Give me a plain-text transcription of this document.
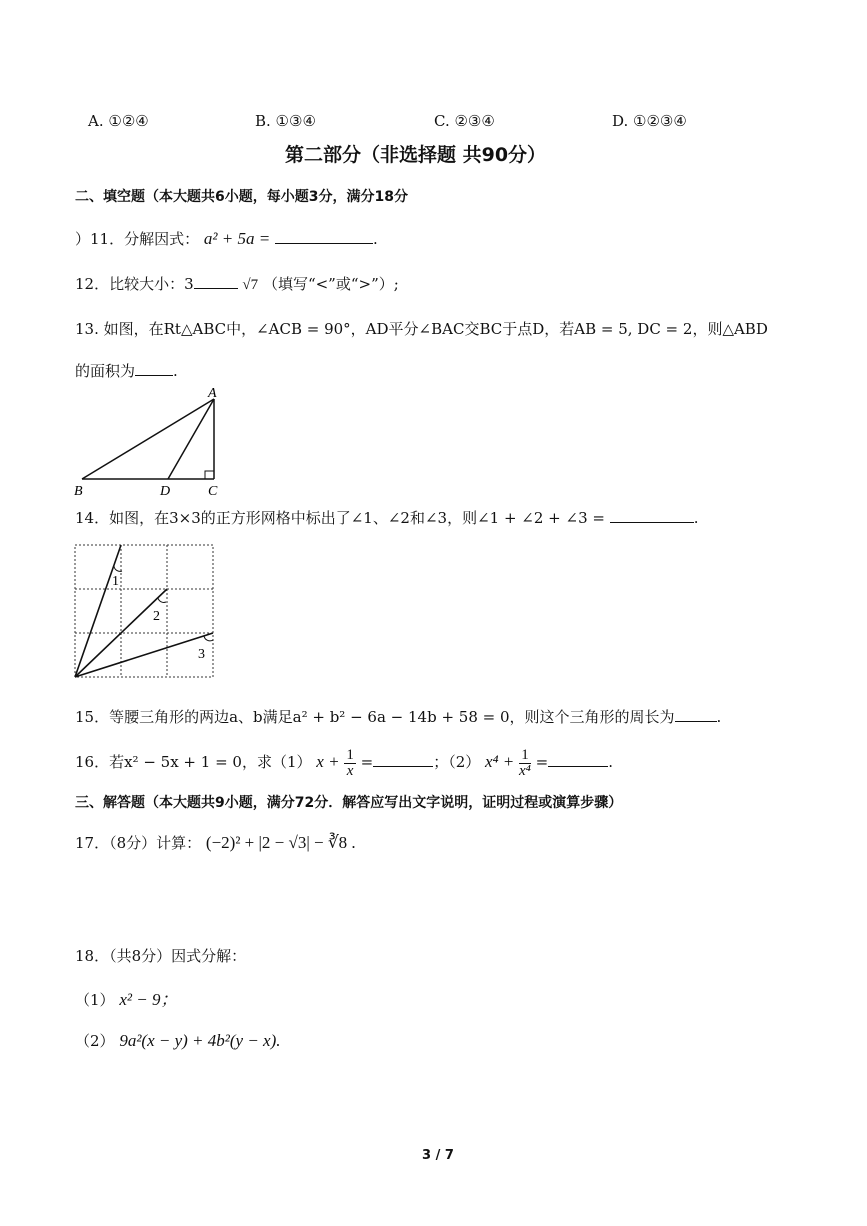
A. ①②④	B. ①③④	C. ②③④	D. ①②③④
第二部分（非选择题 共90分）
二、填空题（本大题共6小题，每小题3分，满分18分
）11．分解因式： a² + 5a =	.
12．比较大小：3	√7 （填写“<”或“>”）;
13. 如图，在Rt△ABC中，∠ACB = 90°，AD平分∠BAC交BC于点D，若AB = 5, DC = 2，则△ABD
的面积为	.
A
B	D	C
14．如图，在3×3的正方形网格中标出了∠1、∠2和∠3，则∠1 + ∠2 + ∠3 =	.
1
2
3
15．等腰三角形的两边a、b满足a² + b² − 6a − 14b + 58 = 0，则这个三角形的周长为	.
16．若x² − 5x + 1 = 0，求（1） $x + \frac{1}{x}$ =	；（2） $x^4 + \frac{1}{\text{x⁴}}$ =	.
三、解答题（本大题共9小题，满分72分．解答应写出文字说明，证明过程或演算步骤）
17．（8分）计算： (−2)² + |2 − √3| − ∛8 .
18．（共8分）因式分解：
（1） x² − 9；
（2） 9a²(x − y) + 4b²(y − x).
3 / 7
